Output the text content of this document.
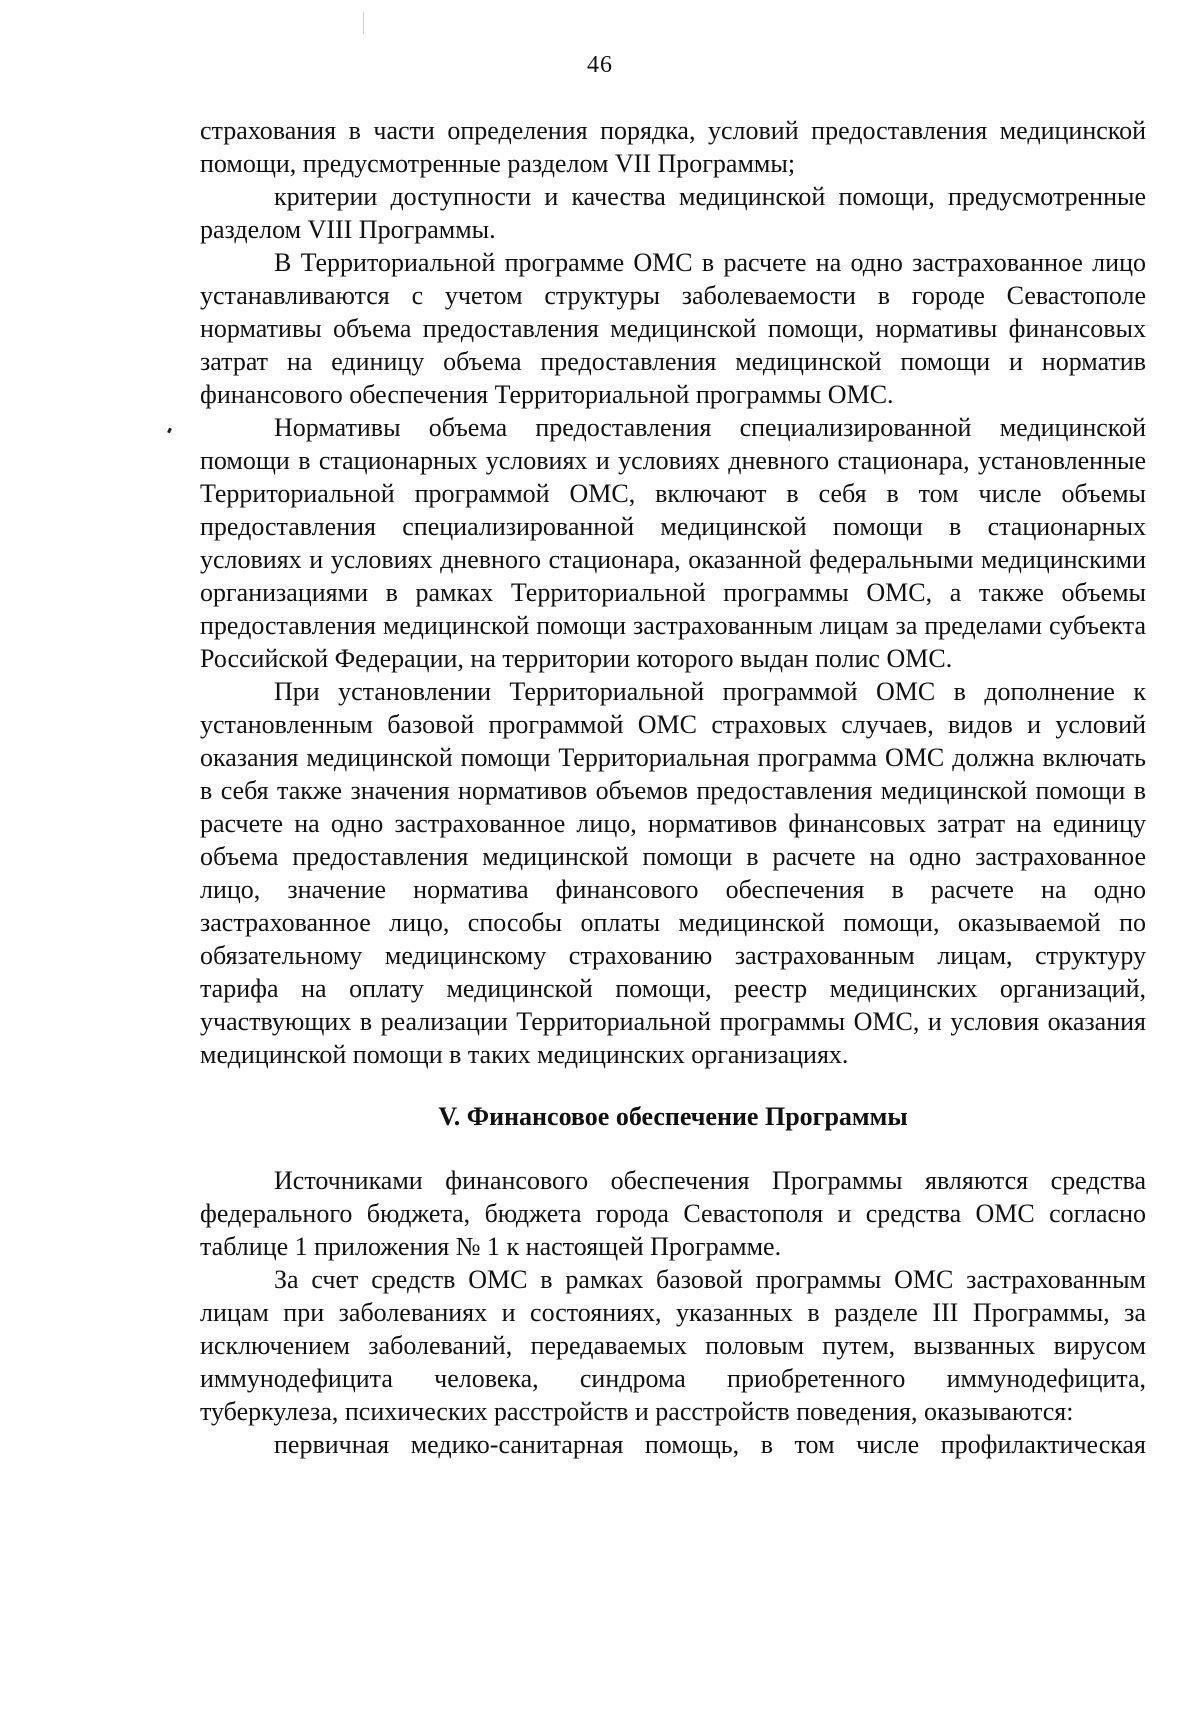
46

страхования в части определения порядка, условий предоставления медицинской помощи, предусмотренные разделом VII Программы;

критерии доступности и качества медицинской помощи, предусмотренные разделом VIII Программы.

В Территориальной программе ОМС в расчете на одно застрахованное лицо устанавливаются с учетом структуры заболеваемости в городе Севастополе нормативы объема предоставления медицинской помощи, нормативы финансовых затрат на единицу объема предоставления медицинской помощи и норматив финансового обеспечения Территориальной программы ОМС.

Нормативы объема предоставления специализированной медицинской помощи в стационарных условиях и условиях дневного стационара, установленные Территориальной программой ОМС, включают в себя в том числе объемы предоставления специализированной медицинской помощи в стационарных условиях и условиях дневного стационара, оказанной федеральными медицинскими организациями в рамках Территориальной программы ОМС, а также объемы предоставления медицинской помощи застрахованным лицам за пределами субъекта Российской Федерации, на территории которого выдан полис ОМС.

При установлении Территориальной программой ОМС в дополнение к установленным базовой программой ОМС страховых случаев, видов и условий оказания медицинской помощи Территориальная программа ОМС должна включать в себя также значения нормативов объемов предоставления медицинской помощи в расчете на одно застрахованное лицо, нормативов финансовых затрат на единицу объема предоставления медицинской помощи в расчете на одно застрахованное лицо, значение норматива финансового обеспечения в расчете на одно застрахованное лицо, способы оплаты медицинской помощи, оказываемой по обязательному медицинскому страхованию застрахованным лицам, структуру тарифа на оплату медицинской помощи, реестр медицинских организаций, участвующих в реализации Территориальной программы ОМС, и условия оказания медицинской помощи в таких медицинских организациях.

V. Финансовое обеспечение Программы

Источниками финансового обеспечения Программы являются средства федерального бюджета, бюджета города Севастополя и средства ОМС согласно таблице 1 приложения № 1 к настоящей Программе.

За счет средств ОМС в рамках базовой программы ОМС застрахованным лицам при заболеваниях и состояниях, указанных в разделе III Программы, за исключением заболеваний, передаваемых половым путем, вызванных вирусом иммунодефицита человека, синдрома приобретенного иммунодефицита, туберкулеза, психических расстройств и расстройств поведения, оказываются:

первичная медико-санитарная помощь, в том числе профилактическая
